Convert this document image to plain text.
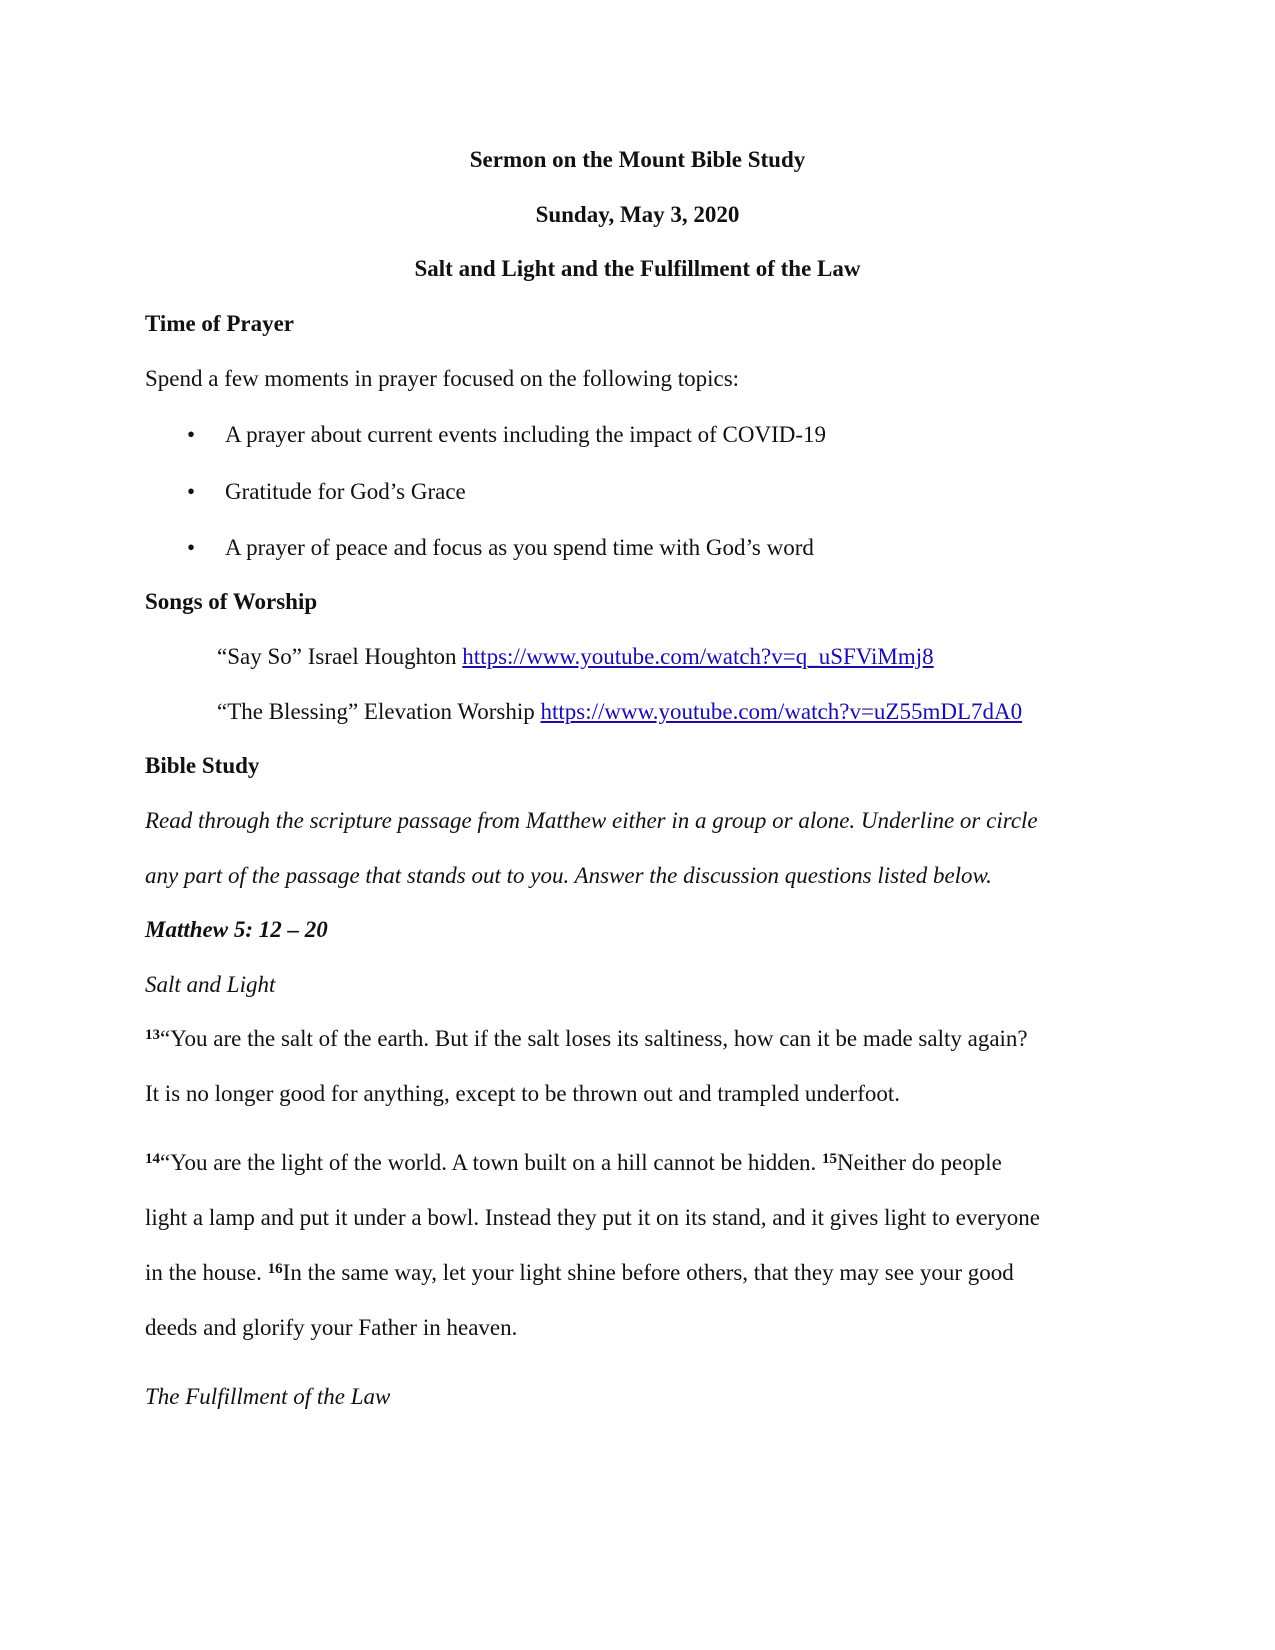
Sermon on the Mount Bible Study
Sunday, May 3, 2020
Salt and Light and the Fulfillment of the Law
Time of Prayer
Spend a few moments in prayer focused on the following topics:
• A prayer about current events including the impact of COVID-19
• Gratitude for God’s Grace
• A prayer of peace and focus as you spend time with God’s word
Songs of Worship
“Say So” Israel Houghton https://www.youtube.com/watch?v=q_uSFViMmj8
“The Blessing” Elevation Worship https://www.youtube.com/watch?v=uZ55mDL7dA0
Bible Study
Read through the scripture passage from Matthew either in a group or alone. Underline or circle
any part of the passage that stands out to you. Answer the discussion questions listed below.
Matthew 5: 12 – 20
Salt and Light
$^{13}$“You are the salt of the earth. But if the salt loses its saltiness, how can it be made salty again?
It is no longer good for anything, except to be thrown out and trampled underfoot.
$^{14}$“You are the light of the world. A town built on a hill cannot be hidden. $^{15}$Neither do people
light a lamp and put it under a bowl. Instead they put it on its stand, and it gives light to everyone
in the house. $^{16}$In the same way, let your light shine before others, that they may see your good
deeds and glorify your Father in heaven.
The Fulfillment of the Law
